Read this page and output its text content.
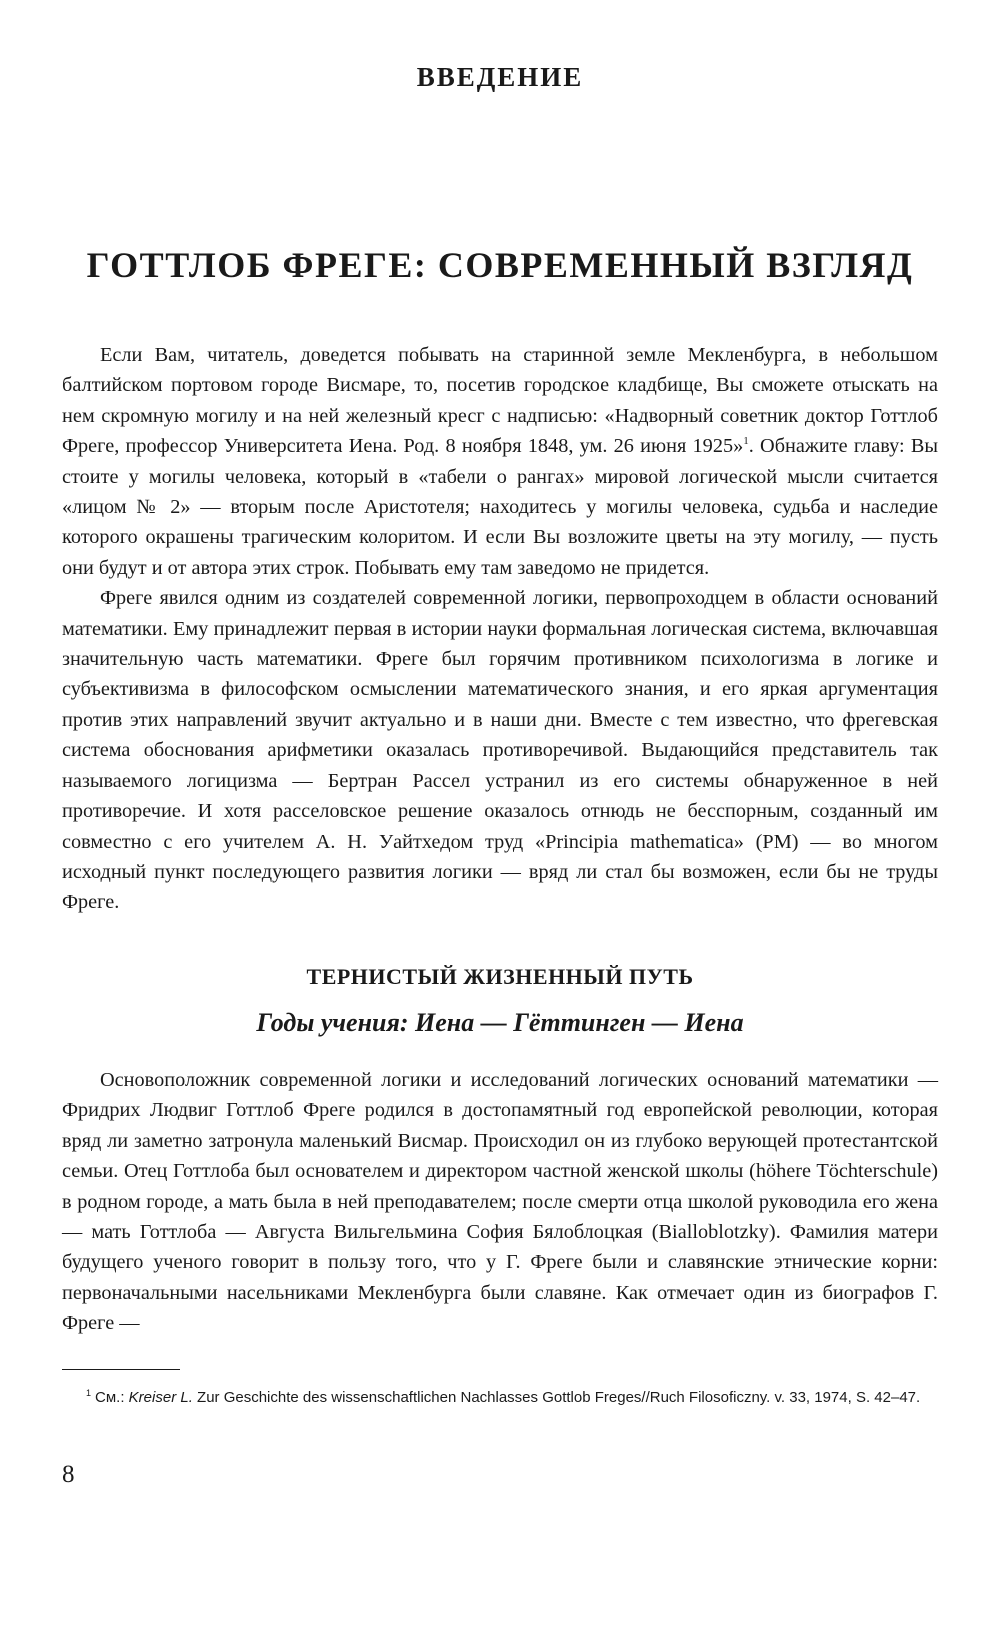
ВВЕДЕНИЕ
ГОТТЛОБ ФРЕГЕ: СОВРЕМЕННЫЙ ВЗГЛЯД

Если Вам, читатель, доведется побывать на старинной земле Мекленбурга, в небольшом балтийском портовом городе Висмаре, то, посетив городское кладбище, Вы сможете отыскать на нем скромную могилу и на ней железный кресг с надписью: «Надворный советник доктор Готтлоб Фреге, профессор Университета Иена. Род. 8 ноября 1848, ум. 26 июня 1925»$^1$. Обнажите главу: Вы стоите у могилы человека, который в «табели о рангах» мировой логической мысли считается «лицом № 2» — вторым после Аристотеля; находитесь у могилы человека, судьба и наследие которого окрашены трагическим колоритом. И если Вы возложите цветы на эту могилу, — пусть они будут и от автора этих строк. Побывать ему там заведомо не придется.

Фреге явился одним из создателей современной логики, первопроходцем в области оснований математики. Ему принадлежит первая в истории науки формальная логическая система, включавшая значительную часть математики. Фреге был горячим противником психологизма в логике и субъективизма в философском осмыслении математического знания, и его яркая аргументация против этих направлений звучит актуально и в наши дни. Вместе с тем известно, что фрегевская система обоснования арифметики оказалась противоречивой. Выдающийся представитель так называемого логицизма — Бертран Рассел устранил из его системы обнаруженное в ней противоречие. И хотя расселовское решение оказалось отнюдь не бесспорным, созданный им совместно с его учителем А. Н. Уайтхедом труд «Principia mathematica» (PM) — во многом исходный пункт последующего развития логики — вряд ли стал бы возможен, если бы не труды Фреге.

ТЕРНИСТЫЙ ЖИЗНЕННЫЙ ПУТЬ
Годы учения: Иена — Гёттинген — Иена

Основоположник современной логики и исследований логических оснований математики — Фридрих Людвиг Готтлоб Фреге родился в достопамятный год европейской революции, которая вряд ли заметно затронула маленький Висмар. Происходил он из глубоко верующей протестантской семьи. Отец Готтлоба был основателем и директором частной женской школы (höhere Töchterschule) в родном городе, а мать была в ней преподавателем; после смерти отца школой руководила его жена — мать Готтлоба — Августа Вильгельмина София Бялоблоцкая (Bialloblotzky). Фамилия матери будущего ученого говорит в пользу того, что у Г. Фреге были и славянские этнические корни: первоначальными насельниками Мекленбурга были славяне. Как отмечает один из биографов Г. Фреге —

$^1$ См.: Kreiser L. Zur Geschichte des wissenschaftlichen Nachlasses Gottlob Freges//Ruch Filosoficzny. v. 33, 1974, S. 42–47.
8
